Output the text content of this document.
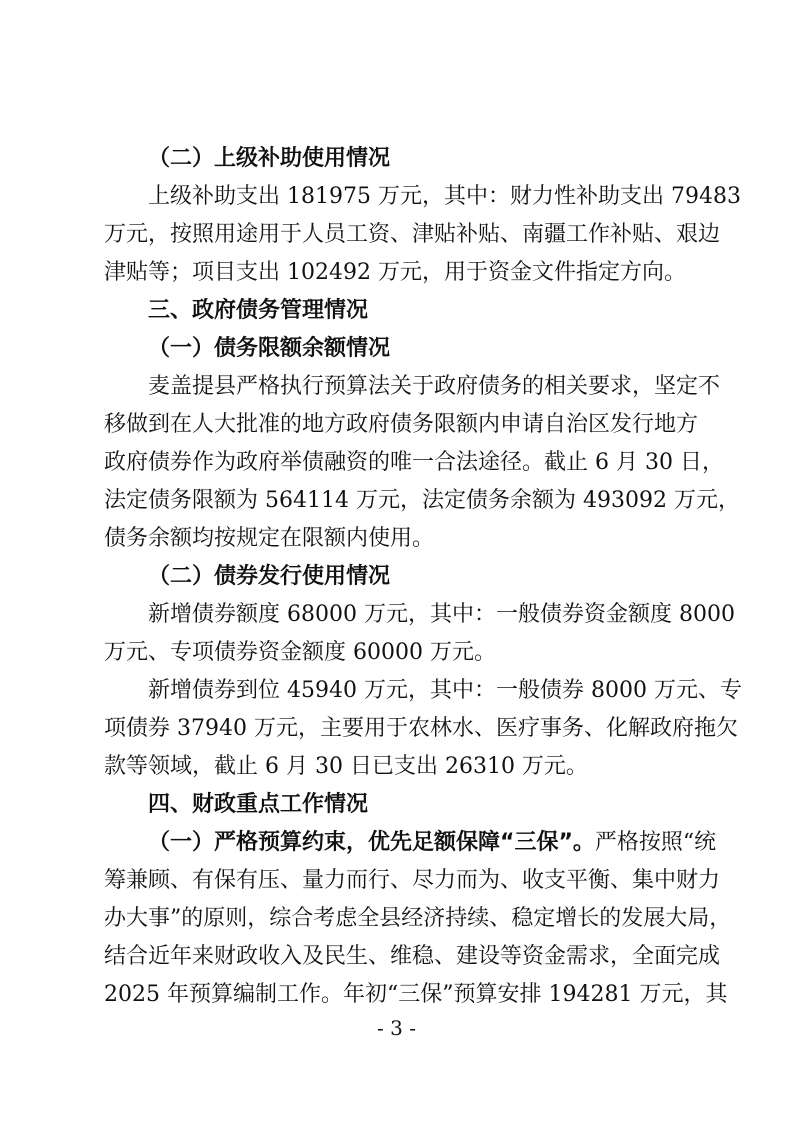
（二）上级补助使用情况
上级补助支出 181975 万元，其中：财力性补助支出 79483
万元，按照用途用于人员工资、津贴补贴、南疆工作补贴、艰边
津贴等；项目支出 102492 万元，用于资金文件指定方向。
三、政府债务管理情况
（一）债务限额余额情况
麦盖提县严格执行预算法关于政府债务的相关要求，坚定不
移做到在人大批准的地方政府债务限额内申请自治区发行地方
政府债券作为政府举债融资的唯一合法途径。截止 6 月 30 日，
法定债务限额为 564114 万元，法定债务余额为 493092 万元，
债务余额均按规定在限额内使用。
（二）债券发行使用情况
新增债券额度 68000 万元，其中：一般债券资金额度 8000
万元、专项债券资金额度 60000 万元。
新增债券到位 45940 万元，其中：一般债券 8000 万元、专
项债券 37940 万元，主要用于农林水、医疗事务、化解政府拖欠
款等领域，截止 6 月 30 日已支出 26310 万元。
四、财政重点工作情况
（一）严格预算约束，优先足额保障“三保”。 严格按照“统
筹兼顾、有保有压、量力而行、尽力而为、收支平衡、集中财力
办大事”的原则，综合考虑全县经济持续、稳定增长的发展大局，
结合近年来财政收入及民生、维稳、建设等资金需求，全面完成
2025 年预算编制工作。年初“三保”预算安排 194281 万元，其
- 3 -
